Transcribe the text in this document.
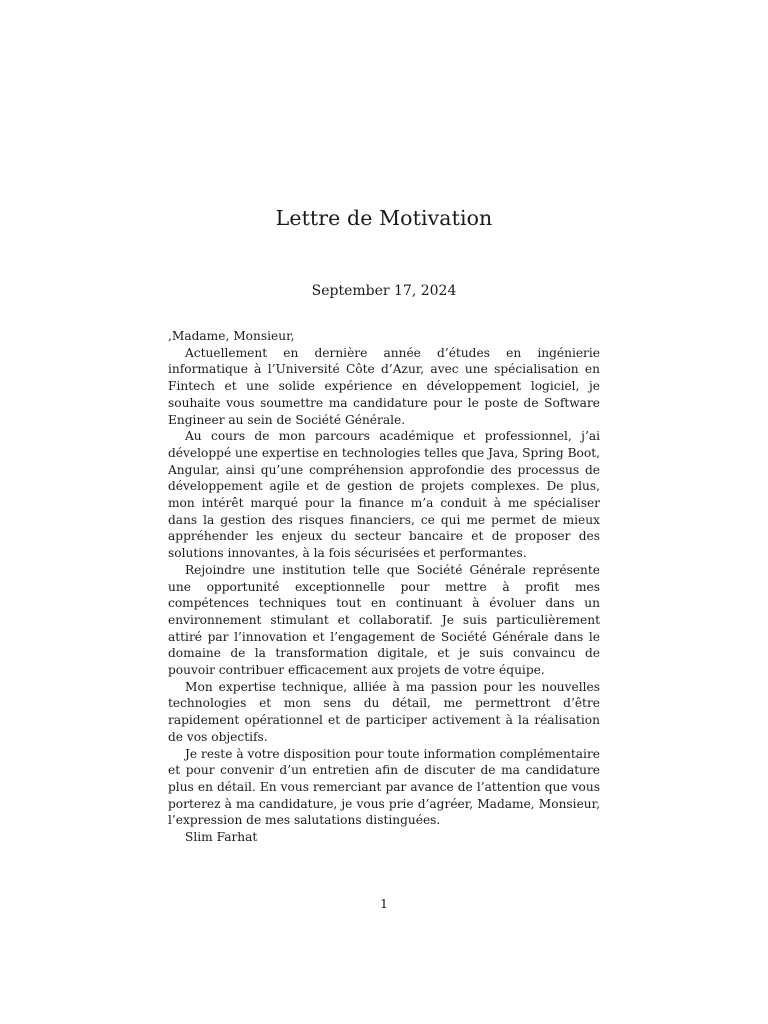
Lettre de Motivation

September 17, 2024

,Madame, Monsieur,

Actuellement en dernière année d’études en ingénierie informatique à l’Université Côte d’Azur, avec une spécialisation en Fintech et une solide expérience en développement logiciel, je souhaite vous soumettre ma candidature pour le poste de Software Engineer au sein de Société Générale.

Au cours de mon parcours académique et professionnel, j’ai développé une expertise en technologies telles que Java, Spring Boot, Angular, ainsi qu’une compréhension approfondie des processus de développement agile et de gestion de projets complexes. De plus, mon intérêt marqué pour la finance m’a conduit à me spécialiser dans la gestion des risques financiers, ce qui me permet de mieux appréhender les enjeux du secteur bancaire et de proposer des solutions innovantes, à la fois sécurisées et performantes.

Rejoindre une institution telle que Société Générale représente une opportunité exceptionnelle pour mettre à profit mes compétences techniques tout en continuant à évoluer dans un environnement stimulant et collaboratif. Je suis particulièrement attiré par l’innovation et l’engagement de Société Générale dans le domaine de la transformation digitale, et je suis convaincu de pouvoir contribuer efficacement aux projets de votre équipe.

Mon expertise technique, alliée à ma passion pour les nouvelles technologies et mon sens du détail, me permettront d’être rapidement opérationnel et de participer activement à la réalisation de vos objectifs.

Je reste à votre disposition pour toute information complémentaire et pour convenir d’un entretien afin de discuter de ma candidature plus en détail. En vous remerciant par avance de l’attention que vous porterez à ma candidature, je vous prie d’agréer, Madame, Monsieur, l’expression de mes salutations distinguées.

Slim Farhat

1
